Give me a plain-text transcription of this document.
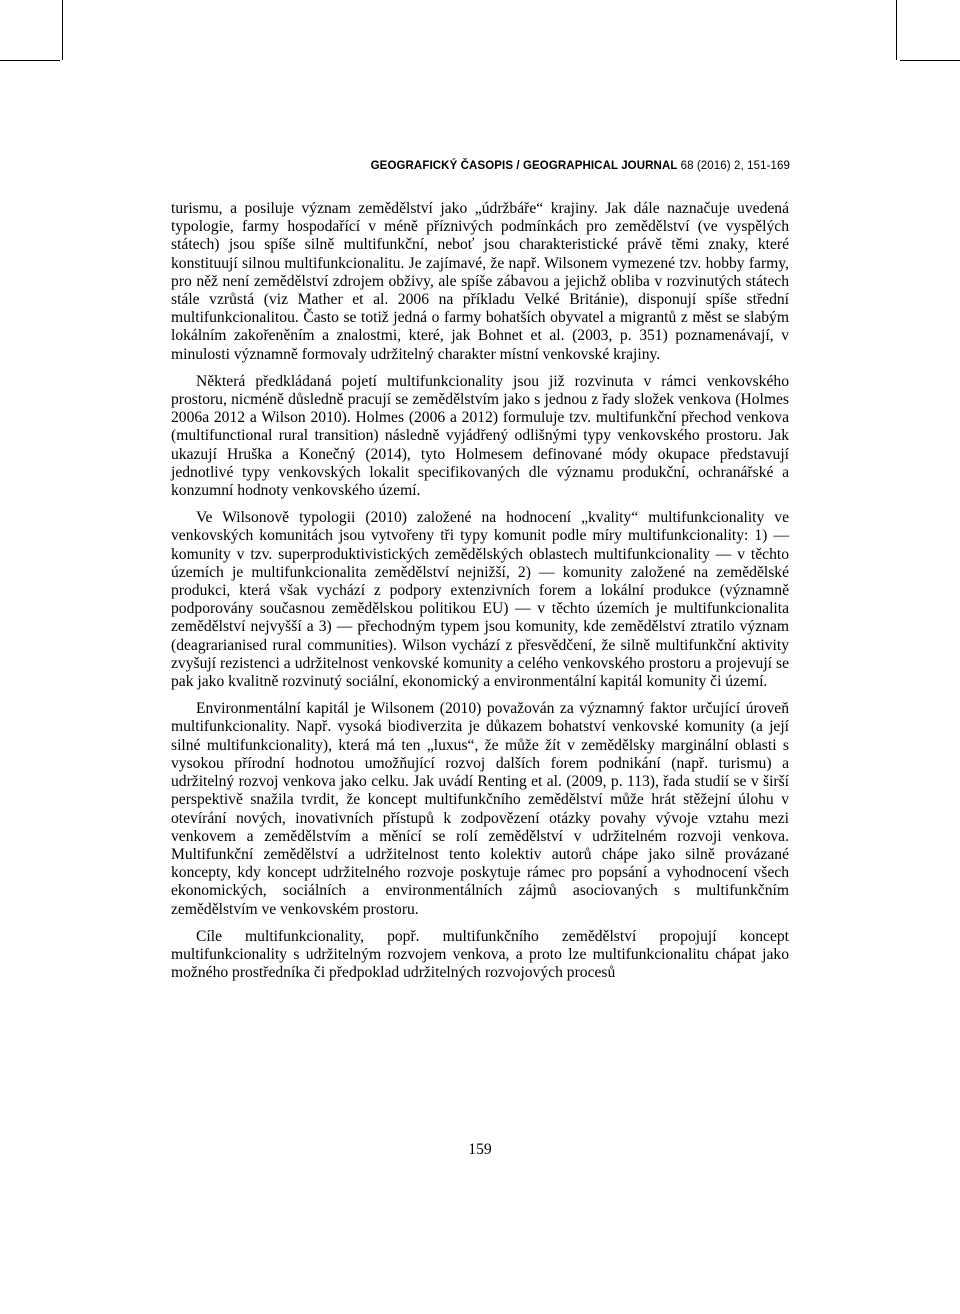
GEOGRAFICKÝ ČASOPIS / GEOGRAPHICAL JOURNAL 68 (2016) 2, 151-169

turismu, a posiluje význam zemědělství jako „údržbáře“ krajiny. Jak dále naznačuje uvedená typologie, farmy hospodařící v méně příznivých podmínkách pro zemědělství (ve vyspělých státech) jsou spíše silně multifunkční, neboť jsou charakteristické právě těmi znaky, které konstituují silnou multifunkcionalitu. Je zajímavé, že např. Wilsonem vymezené tzv. hobby farmy, pro něž není zemědělství zdrojem obživy, ale spíše zábavou a jejichž obliba v rozvinutých státech stále vzrůstá (viz Mather et al. 2006 na příkladu Velké Británie), disponují spíše střední multifunkcionalitou. Často se totiž jedná o farmy bohatších obyvatel a migrantů z měst se slabým lokálním zakořeněním a znalostmi, které, jak Bohnet et al. (2003, p. 351) poznamenávají, v minulosti významně formovaly udržitelný charakter místní venkovské krajiny.

Některá předkládaná pojetí multifunkcionality jsou již rozvinuta v rámci venkovského prostoru, nicméně důsledně pracují se zemědělstvím jako s jednou z řady složek venkova (Holmes 2006a 2012 a Wilson 2010). Holmes (2006 a 2012) formuluje tzv. multifunkční přechod venkova (multifunctional rural transition) následně vyjádřený odlišnými typy venkovského prostoru. Jak ukazují Hruška a Konečný (2014), tyto Holmesem definované módy okupace představují jednotlivé typy venkovských lokalit specifikovaných dle významu produkční, ochranářské a konzumní hodnoty venkovského území.

Ve Wilsonově typologii (2010) založené na hodnocení „kvality“ multifunkcionality ve venkovských komunitách jsou vytvořeny tři typy komunit podle míry multifunkcionality: 1) — komunity v tzv. superproduktivistických zemědělských oblastech multifunkcionality — v těchto územích je multifunkcionalita zemědělství nejnižší, 2) — komunity založené na zemědělské produkci, která však vychází z podpory extenzivních forem a lokální produkce (významně podporovány současnou zemědělskou politikou EU) — v těchto územích je multifunkcionalita zemědělství nejvyšší a 3) — přechodným typem jsou komunity, kde zemědělství ztratilo význam (deagrarianised rural communities). Wilson vychází z přesvědčení, že silně multifunkční aktivity zvyšují rezistenci a udržitelnost venkovské komunity a celého venkovského prostoru a projevují se pak jako kvalitně rozvinutý sociální, ekonomický a environmentální kapitál komunity či území.

Environmentální kapitál je Wilsonem (2010) považován za významný faktor určující úroveň multifunkcionality. Např. vysoká biodiverzita je důkazem bohatství venkovské komunity (a její silné multifunkcionality), která má ten „luxus“, že může žít v zemědělsky marginální oblasti s vysokou přírodní hodnotou umožňující rozvoj dalších forem podnikání (např. turismu) a udržitelný rozvoj venkova jako celku. Jak uvádí Renting et al. (2009, p. 113), řada studií se v širší perspektivě snažila tvrdit, že koncept multifunkčního zemědělství může hrát stěžejní úlohu v otevírání nových, inovativních přístupů k zodpovězení otázky povahy vývoje vztahu mezi venkovem a zemědělstvím a měnící se rolí zemědělství v udržitelném rozvoji venkova. Multifunkční zemědělství a udržitelnost tento kolektiv autorů chápe jako silně provázané koncepty, kdy koncept udržitelného rozvoje poskytuje rámec pro popsání a vyhodnocení všech ekonomických, sociálních a environmentálních zájmů asociovaných s multifunkčním zemědělstvím ve venkovském prostoru.

Cíle multifunkcionality, popř. multifunkčního zemědělství propojují koncept multifunkcionality s udržitelným rozvojem venkova, a proto lze multifunkcionalitu chápat jako možného prostředníka či předpoklad udržitelných rozvojových procesů

159
